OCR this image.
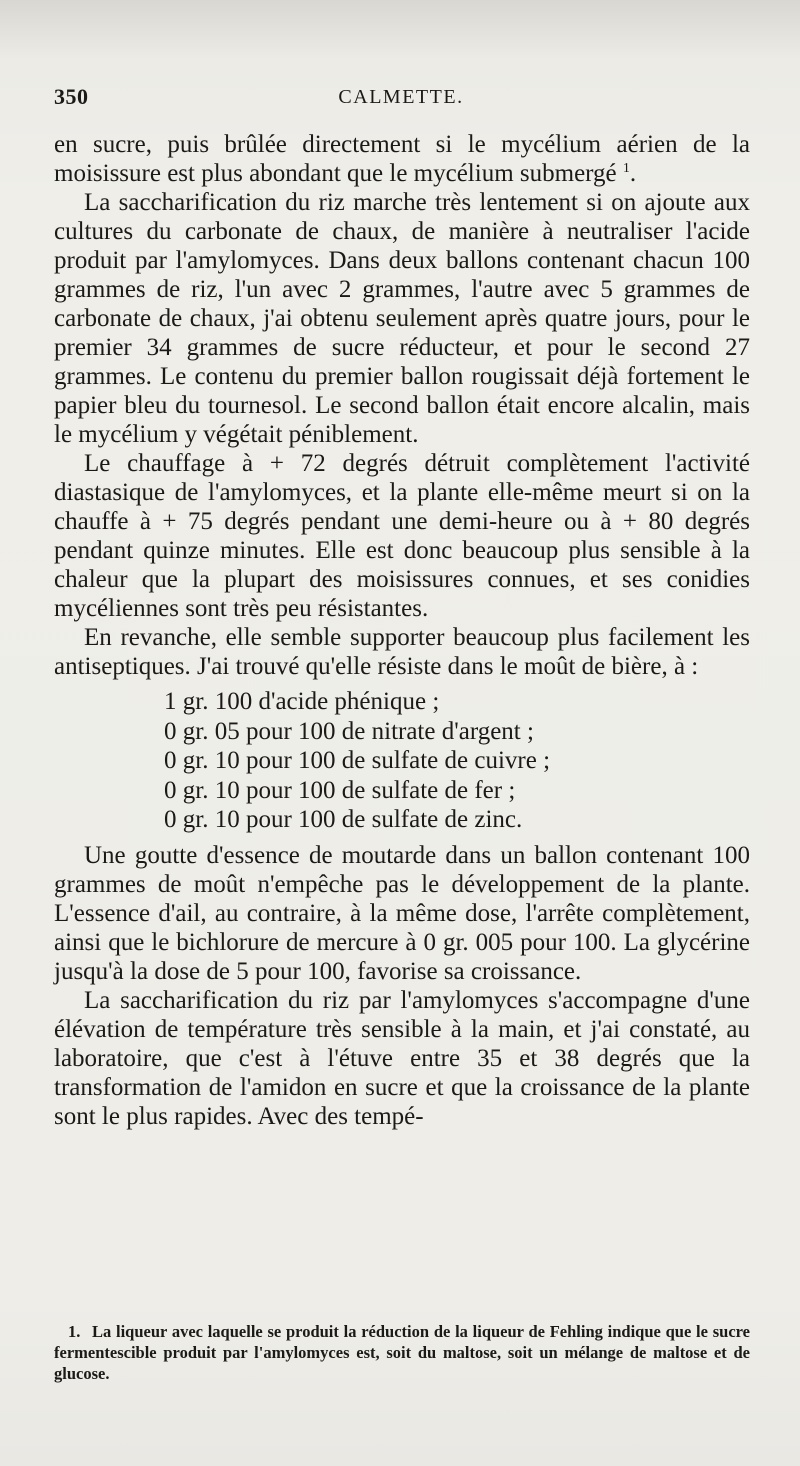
350	CALMETTE.

en sucre, puis brûlée directement si le mycélium aérien de la moisissure est plus abondant que le mycélium submergé $^1$.

La saccharification du riz marche très lentement si on ajoute aux cultures du carbonate de chaux, de manière à neutraliser l'acide produit par l'amylomyces. Dans deux ballons contenant chacun 100 grammes de riz, l'un avec 2 grammes, l'autre avec 5 grammes de carbonate de chaux, j'ai obtenu seulement après quatre jours, pour le premier 34 grammes de sucre réducteur, et pour le second 27 grammes. Le contenu du premier ballon rougissait déjà fortement le papier bleu du tournesol. Le second ballon était encore alcalin, mais le mycélium y végétait péniblement.

Le chauffage à + 72 degrés détruit complètement l'activité diastasique de l'amylomyces, et la plante elle-même meurt si on la chauffe à + 75 degrés pendant une demi-heure ou à + 80 degrés pendant quinze minutes. Elle est donc beaucoup plus sensible à la chaleur que la plupart des moisissures connues, et ses conidies mycéliennes sont très peu résistantes.

En revanche, elle semble supporter beaucoup plus facilement les antiseptiques. J'ai trouvé qu'elle résiste dans le moût de bière, à :

1 gr. 100 d'acide phénique ;
0 gr. 05 pour 100 de nitrate d'argent ;
0 gr. 10 pour 100 de sulfate de cuivre ;
0 gr. 10 pour 100 de sulfate de fer ;
0 gr. 10 pour 100 de sulfate de zinc.

Une goutte d'essence de moutarde dans un ballon contenant 100 grammes de moût n'empêche pas le développement de la plante. L'essence d'ail, au contraire, à la même dose, l'arrête complètement, ainsi que le bichlorure de mercure à 0 gr. 005 pour 100. La glycérine jusqu'à la dose de 5 pour 100, favorise sa croissance.

La saccharification du riz par l'amylomyces s'accompagne d'une élévation de température très sensible à la main, et j'ai constaté, au laboratoire, que c'est à l'étuve entre 35 et 38 degrés que la transformation de l'amidon en sucre et que la croissance de la plante sont le plus rapides. Avec des tempé-

1. La liqueur avec laquelle se produit la réduction de la liqueur de Fehling indique que le sucre fermentescible produit par l'amylomyces est, soit du maltose, soit un mélange de maltose et de glucose.
